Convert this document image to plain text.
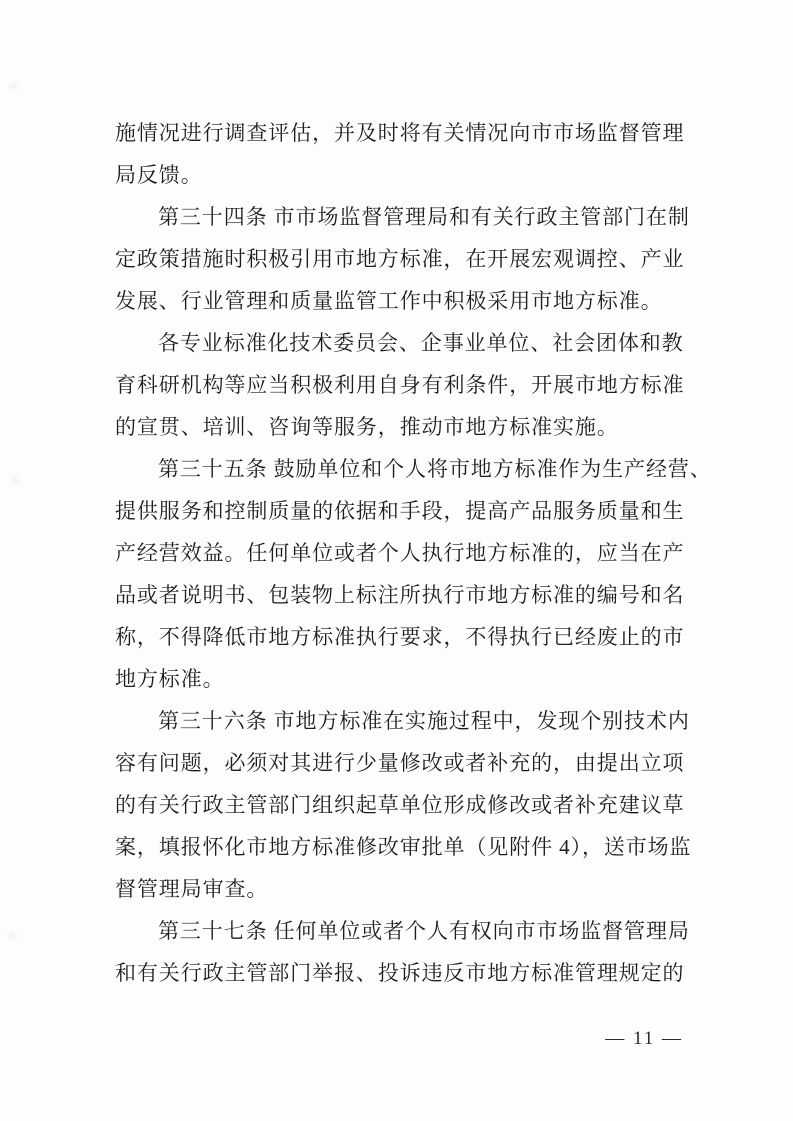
施情况进行调查评估，并及时将有关情况向市市场监督管理
局反馈。
第三十四条 市市场监督管理局和有关行政主管部门在制
定政策措施时积极引用市地方标准，在开展宏观调控、产业
发展、行业管理和质量监管工作中积极采用市地方标准。
各专业标准化技术委员会、企事业单位、社会团体和教
育科研机构等应当积极利用自身有利条件，开展市地方标准
的宣贯、培训、咨询等服务，推动市地方标准实施。
第三十五条 鼓励单位和个人将市地方标准作为生产经营、
提供服务和控制质量的依据和手段，提高产品服务质量和生
产经营效益。任何单位或者个人执行地方标准的，应当在产
品或者说明书、包装物上标注所执行市地方标准的编号和名
称，不得降低市地方标准执行要求，不得执行已经废止的市
地方标准。
第三十六条 市地方标准在实施过程中，发现个别技术内
容有问题，必须对其进行少量修改或者补充的，由提出立项
的有关行政主管部门组织起草单位形成修改或者补充建议草
案，填报怀化市地方标准修改审批单（见附件 4），送市场监
督管理局审查。
第三十七条 任何单位或者个人有权向市市场监督管理局
和有关行政主管部门举报、投诉违反市地方标准管理规定的
— 11 —
